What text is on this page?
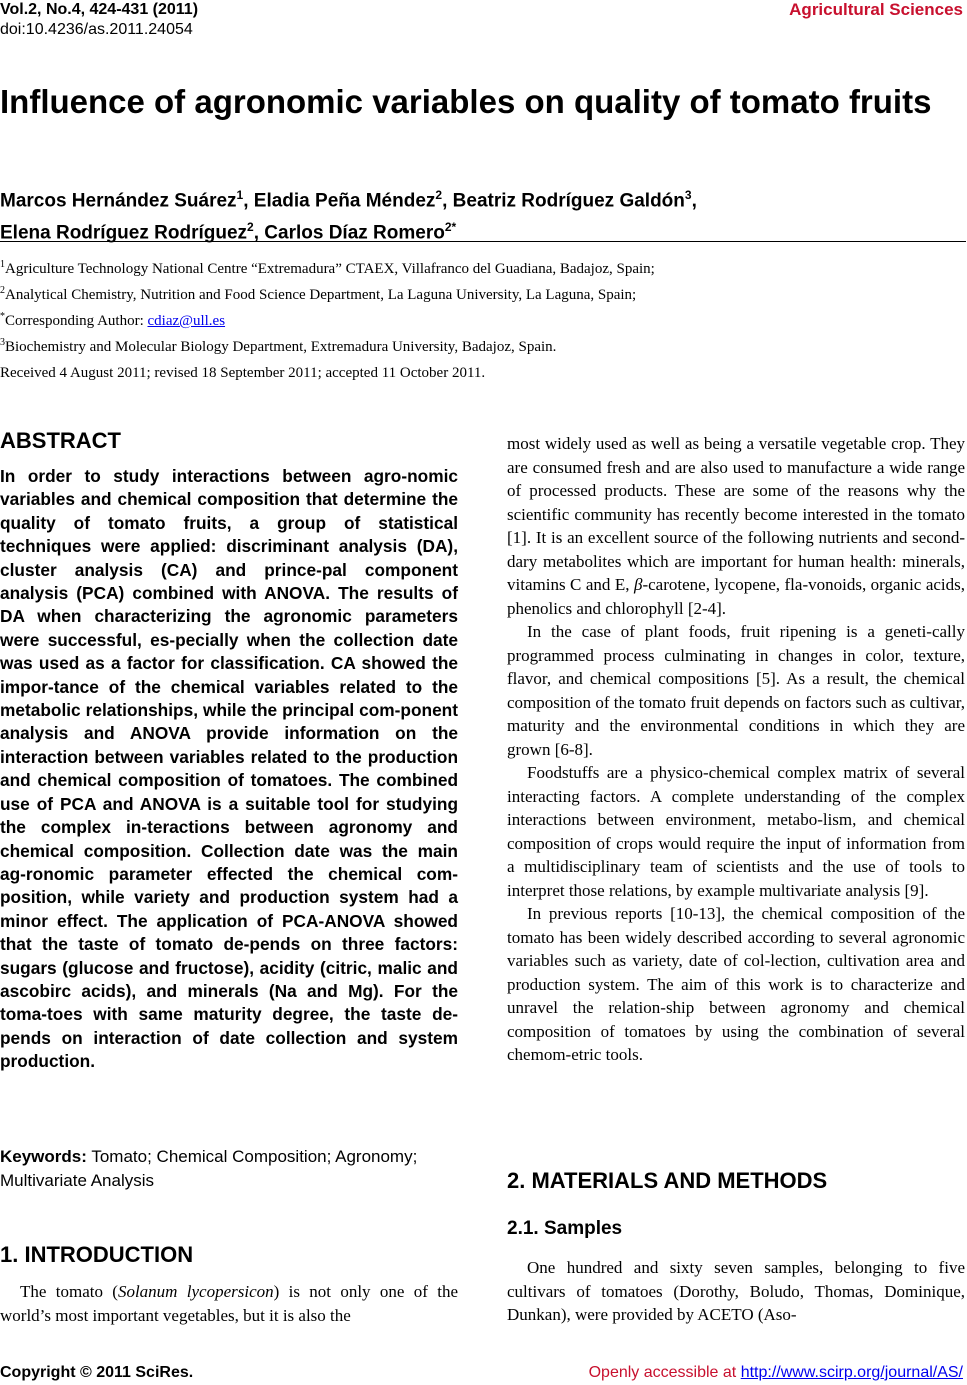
Vol.2, No.4, 424-431 (2011)
doi:10.4236/as.2011.24054
Agricultural Sciences
Influence of agronomic variables on quality of tomato fruits
Marcos Hernández Suárez$^1$, Eladia Peña Méndez$^2$, Beatriz Rodríguez Galdón$^3$,
Elena Rodríguez Rodríguez$^2$, Carlos Díaz Romero$^{2*}$
$^1$Agriculture Technology National Centre “Extremadura” CTAEX, Villafranco del Guadiana, Badajoz, Spain;
$^2$Analytical Chemistry, Nutrition and Food Science Department, La Laguna University, La Laguna, Spain;
*Corresponding Author: cdiaz@ull.es
$^3$Biochemistry and Molecular Biology Department, Extremadura University, Badajoz, Spain.
Received 4 August 2011; revised 18 September 2011; accepted 11 October 2011.
ABSTRACT
In order to study interactions between agro-nomic variables and chemical composition that determine the quality of tomato fruits, a group of statistical techniques were applied: discriminant analysis (DA), cluster analysis (CA) and prince-pal component analysis (PCA) combined with ANOVA. The results of DA when characterizing the agronomic parameters were successful, es-pecially when the collection date was used as a factor for classification. CA showed the impor-tance of the chemical variables related to the metabolic relationships, while the principal com-ponent analysis and ANOVA provide information on the interaction between variables related to the production and chemical composition of tomatoes. The combined use of PCA and ANOVA is a suitable tool for studying the complex in-teractions between agronomy and chemical composition. Collection date was the main ag-ronomic parameter effected the chemical com-position, while variety and production system had a minor effect. The application of PCA-ANOVA showed that the taste of tomato de-pends on three factors: sugars (glucose and fructose), acidity (citric, malic and ascobirc acids), and minerals (Na and Mg). For the toma-toes with same maturity degree, the taste de-pends on interaction of date collection and system production.
Keywords: Tomato; Chemical Composition; Agronomy; Multivariate Analysis
1. INTRODUCTION

The tomato (Solanum lycopersicon) is not only one of the world’s most important vegetables, but it is also the

most widely used as well as being a versatile vegetable crop. They are consumed fresh and are also used to manufacture a wide range of processed products. These are some of the reasons why the scientific community has recently become interested in the tomato [1]. It is an excellent source of the following nutrients and second-dary metabolites which are important for human health: minerals, vitamins C and E, β-carotene, lycopene, fla-vonoids, organic acids, phenolics and chlorophyll [2-4].

In the case of plant foods, fruit ripening is a geneti-cally programmed process culminating in changes in color, texture, flavor, and chemical compositions [5]. As a result, the chemical composition of the tomato fruit depends on factors such as cultivar, maturity and the environmental conditions in which they are grown [6-8].

Foodstuffs are a physico-chemical complex matrix of several interacting factors. A complete understanding of the complex interactions between environment, metabo-lism, and chemical composition of crops would require the input of information from a multidisciplinary team of scientists and the use of tools to interpret those relations, by example multivariate analysis [9].

In previous reports [10-13], the chemical composition of the tomato has been widely described according to several agronomic variables such as variety, date of col-lection, cultivation area and production system. The aim of this work is to characterize and unravel the relation-ship between agronomy and chemical composition of tomatoes by using the combination of several chemom-etric tools.

2. MATERIALS AND METHODS
2.1. Samples

One hundred and sixty seven samples, belonging to five cultivars of tomatoes (Dorothy, Boludo, Thomas, Dominique, Dunkan), were provided by ACETO (Aso-

Copyright © 2011 SciRes.	Openly accessible at http://www.scirp.org/journal/AS/
